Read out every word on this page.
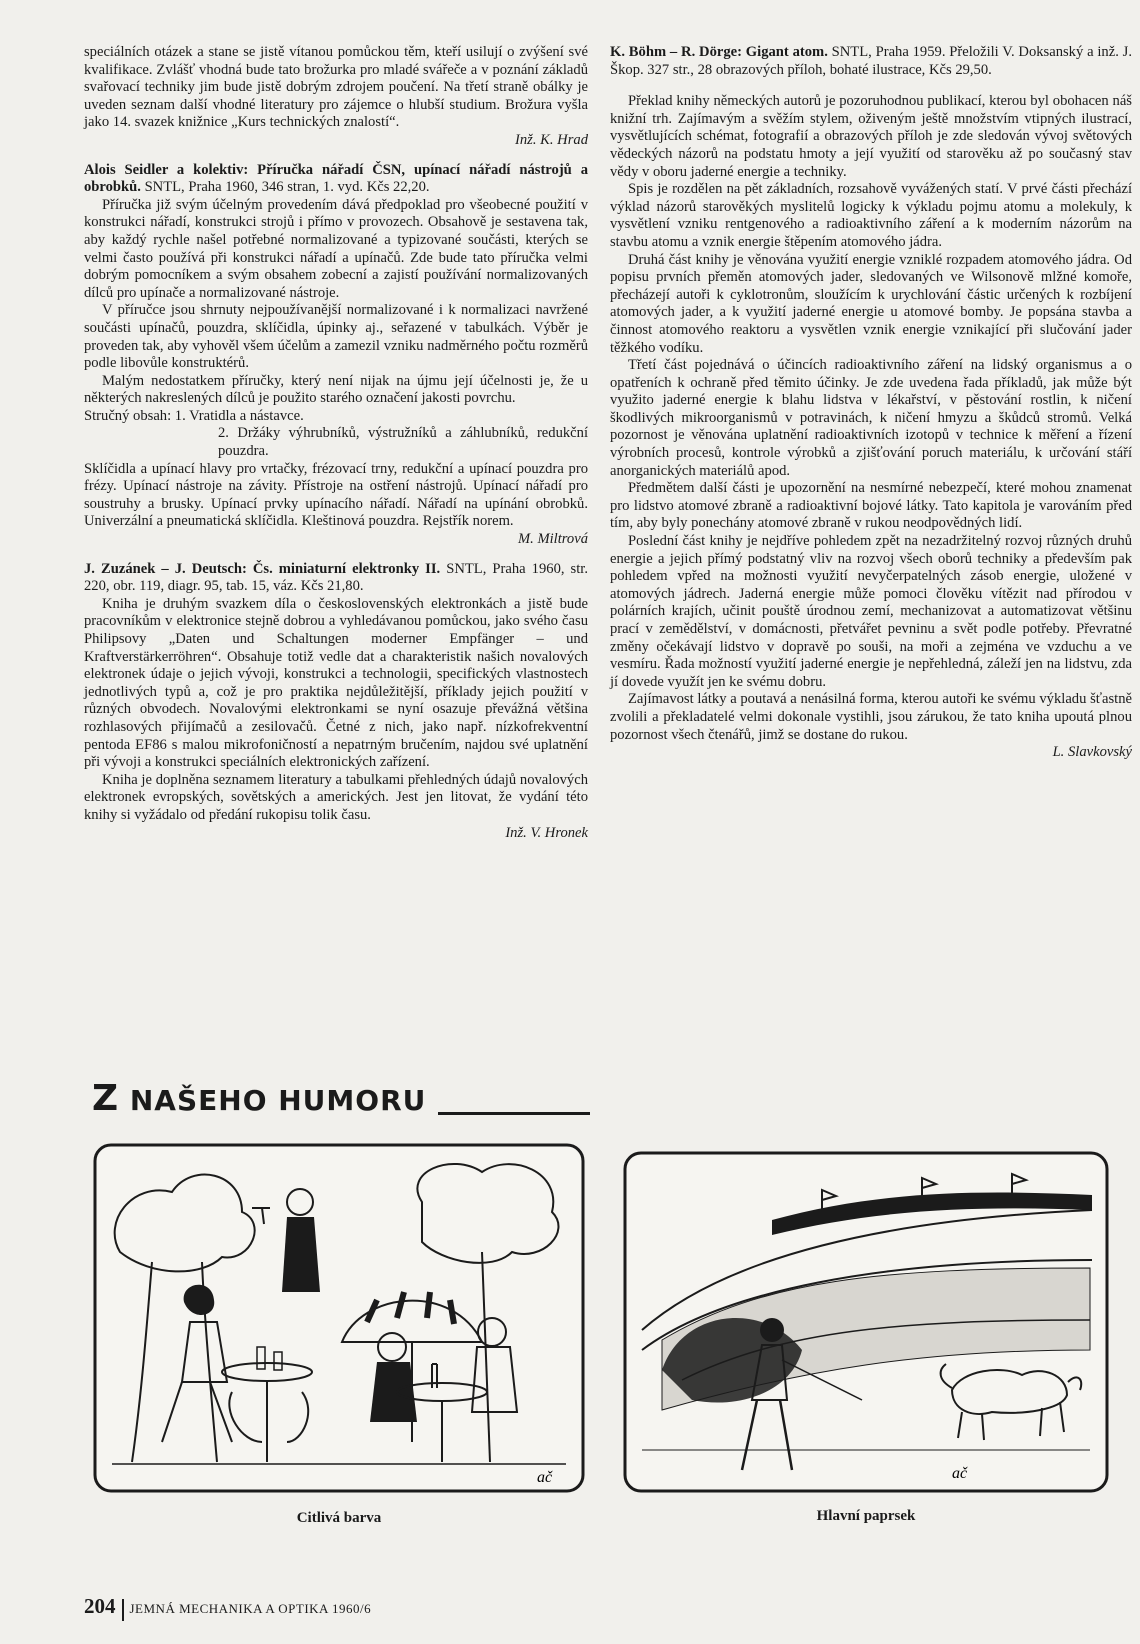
speciálních otázek a stane se jistě vítanou pomůckou těm, kteří usilují o zvýšení své kvalifikace. Zvlášť vhodná bude tato brožurka pro mladé svářeče a v poznání základů svařovací techniky jim bude jistě dobrým zdrojem poučení. Na třetí straně obálky je uveden seznam další vhodné literatury pro zájemce o hlubší studium. Brožura vyšla jako 14. svazek knižnice „Kurs technických znalostí“.

Inž. K. Hrad

Alois Seidler a kolektiv: Příručka nářadí ČSN, upínací nářadí nástrojů a obrobků. SNTL, Praha 1960, 346 stran, 1. vyd. Kčs 22,20.

Příručka již svým účelným provedením dává předpoklad pro všeobecné použití v konstrukci nářadí, konstrukci strojů i přímo v provozech. Obsahově je sestavena tak, aby každý rychle našel potřebné normalizované a typizované součásti, kterých se velmi často používá při konstrukci nářadí a upínačů. Zde bude tato příručka velmi dobrým pomocníkem a svým obsahem zobecní a zajistí používání normalizovaných dílců pro upínače a normalizované nástroje.

V příručce jsou shrnuty nejpoužívanější normalizované i k normalizaci navržené součásti upínačů, pouzdra, sklíčidla, úpinky aj., seřazené v tabulkách. Výběr je proveden tak, aby vyhověl všem účelům a zamezil vzniku nadměrného počtu rozměrů podle libovůle konstruktérů.

Malým nedostatkem příručky, který není nijak na újmu její účelnosti je, že u některých nakreslených dílců je použito starého označení jakosti povrchu.

Stručný obsah: 1. Vratidla a nástavce.

2. Držáky výhrubníků, výstružníků a záhlubníků, redukční pouzdra.

Sklíčidla a upínací hlavy pro vrtačky, frézovací trny, redukční a upínací pouzdra pro frézy. Upínací nástroje na závity. Přístroje na ostření nástrojů. Upínací nářadí pro soustruhy a brusky. Upínací prvky upínacího nářadí. Nářadí na upínání obrobků. Univerzální a pneumatická sklíčidla. Kleštinová pouzdra. Rejstřík norem.

M. Miltrová

J. Zuzánek – J. Deutsch: Čs. miniaturní elektronky II. SNTL, Praha 1960, str. 220, obr. 119, diagr. 95, tab. 15, váz. Kčs 21,80.

Kniha je druhým svazkem díla o československých elektronkách a jistě bude pracovníkům v elektronice stejně dobrou a vyhledávanou pomůckou, jako svého času Philipsovy „Daten und Schaltungen moderner Empfänger – und Kraftverstärkerröhren“. Obsahuje totiž vedle dat a charakteristik našich novalových elektronek údaje o jejich vývoji, konstrukci a technologii, specifických vlastnostech jednotlivých typů a, což je pro praktika nejdůležitější, příklady jejich použití v různých obvodech. Novalovými elektronkami se nyní osazuje převážná většina rozhlasových přijímačů a zesilovačů. Četné z nich, jako např. nízkofrekventní pentoda EF86 s malou mikrofoničností a nepatrným bručením, najdou své uplatnění při vývoji a konstrukci speciálních elektronických zařízení.

Kniha je doplněna seznamem literatury a tabulkami přehledných údajů novalových elektronek evropských, sovětských a amerických. Jest jen litovat, že vydání této knihy si vyžádalo od předání rukopisu tolik času.

Inž. V. Hronek

K. Böhm – R. Dörge: Gigant atom. SNTL, Praha 1959. Přeložili V. Doksanský a inž. J. Škop. 327 str., 28 obrazových příloh, bohaté ilustrace, Kčs 29,50.

Překlad knihy německých autorů je pozoruhodnou publikací, kterou byl obohacen náš knižní trh. Zajímavým a svěžím stylem, oživeným ještě množstvím vtipných ilustrací, vysvětlujících schémat, fotografií a obrazových příloh je zde sledován vývoj světových vědeckých názorů na podstatu hmoty a její využití od starověku až po současný stav vědy v oboru jaderné energie a techniky.

Spis je rozdělen na pět základních, rozsahově vyvážených statí. V prvé části přechází výklad názorů starověkých myslitelů logicky k výkladu pojmu atomu a molekuly, k vysvětlení vzniku rentgenového a radioaktivního záření a k moderním názorům na stavbu atomu a vznik energie štěpením atomového jádra.

Druhá část knihy je věnována využití energie vzniklé rozpadem atomového jádra. Od popisu prvních přeměn atomových jader, sledovaných ve Wilsonově mlžné komoře, přecházejí autoři k cyklotronům, sloužícím k urychlování částic určených k rozbíjení atomových jader, a k využití jaderné energie u atomové bomby. Je popsána stavba a činnost atomového reaktoru a vysvětlen vznik energie vznikající při slučování jader těžkého vodíku.

Třetí část pojednává o účincích radioaktivního záření na lidský organismus a o opatřeních k ochraně před těmito účinky. Je zde uvedena řada příkladů, jak může být využito jaderné energie k blahu lidstva v lékařství, v pěstování rostlin, k ničení škodlivých mikroorganismů v potravinách, k ničení hmyzu a škůdců stromů. Velká pozornost je věnována uplatnění radioaktivních izotopů v technice k měření a řízení výrobních procesů, kontrole výrobků a zjišťování poruch materiálu, k určování stáří anorganických materiálů apod.

Předmětem další části je upozornění na nesmírné nebezpečí, které mohou znamenat pro lidstvo atomové zbraně a radioaktivní bojové látky. Tato kapitola je varováním před tím, aby byly ponechány atomové zbraně v rukou neodpovědných lidí.

Poslední část knihy je nejdříve pohledem zpět na nezadržitelný rozvoj různých druhů energie a jejich přímý podstatný vliv na rozvoj všech oborů techniky a především pak pohledem vpřed na možnosti využití nevyčerpatelných zásob energie, uložené v atomových jádrech. Jaderná energie může pomoci člověku vítězit nad přírodou v polárních krajích, učinit pouště úrodnou zemí, mechanizovat a automatizovat většinu prací v zemědělství, v domácnosti, přetvářet pevninu a svět podle potřeby. Převratné změny očekávají lidstvo v dopravě po souši, na moři a zejména ve vzduchu a ve vesmíru. Řada možností využití jaderné energie je nepřehledná, záleží jen na lidstvu, zda jí dovede využít jen ke svému dobru.

Zajímavost látky a poutavá a nenásilná forma, kterou autoři ke svému výkladu šťastně zvolili a překladatelé velmi dokonale vystihli, jsou zárukou, že tato kniha upoutá plnou pozornost všech čtenářů, jimž se dostane do rukou.

L. Slavkovský

Z NAŠEHO HUMORU
ač
Citlivá barva
ač
Hlavní paprsek
204 JEMNÁ MECHANIKA A OPTIKA 1960/6
